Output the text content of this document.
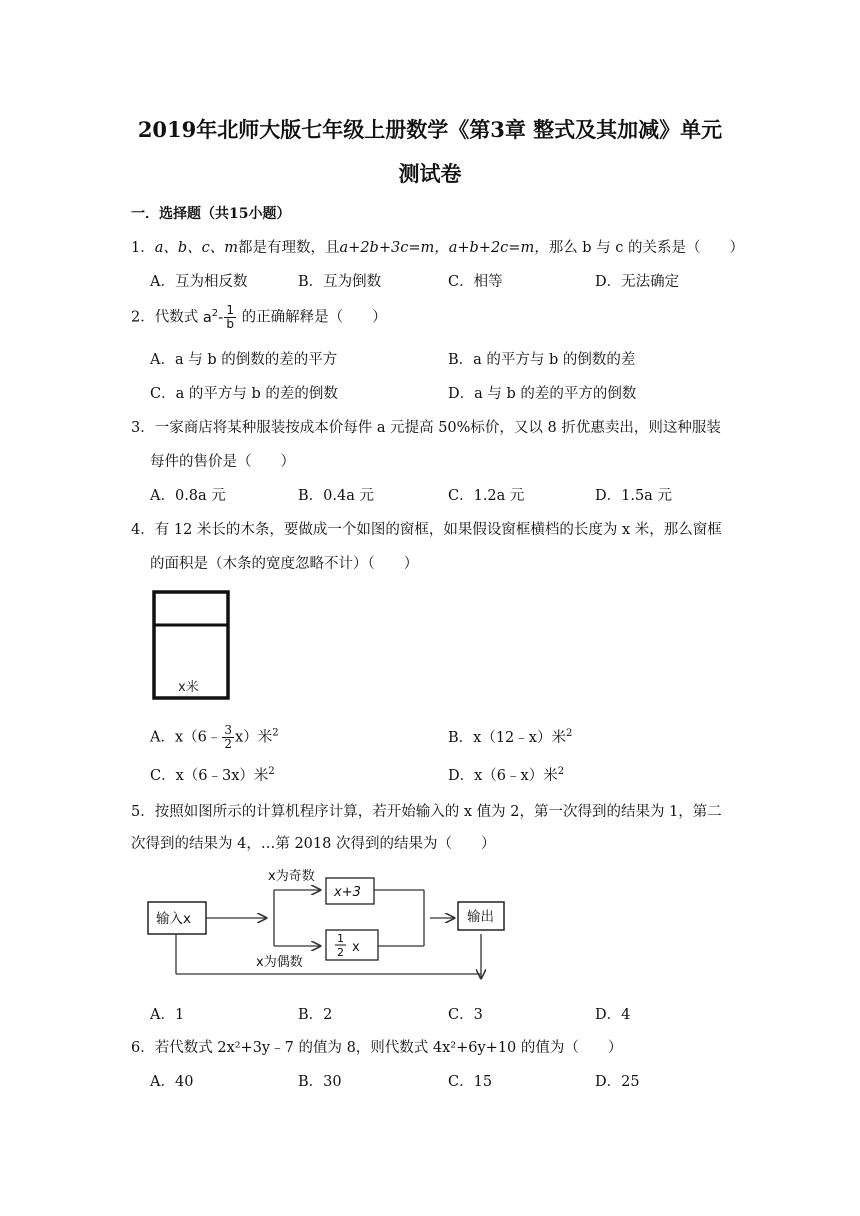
2019年北师大版七年级上册数学《第3章 整式及其加减》单元
测试卷
一．选择题（共15小题）
1．a、b、c、m都是有理数，且a+2b+3c=m，a+b+2c=m，那么 b 与 c 的关系是（　　）
A．互为相反数	B．互为倒数	C．相等	D．无法确定
2．代数式 $a^2- \frac{1}{b}$ 的正确解释是（　　）
A．a 与 b 的倒数的差的平方	B．a 的平方与 b 的倒数的差
C．a 的平方与 b 的差的倒数	D．a 与 b 的差的平方的倒数
3．一家商店将某种服装按成本价每件 a 元提高 50%标价，又以 8 折优惠卖出，则这种服装
每件的售价是（　　）
A．0.8a 元	B．0.4a 元	C．1.2a 元	D．1.5a 元
4．有 12 米长的木条，要做成一个如图的窗框，如果假设窗框横档的长度为 x 米，那么窗框
的面积是（木条的宽度忽略不计）（　　）
x米
A．x（6﹣ $\frac{3}{2} x$）米$^2$	B．x（12﹣x）米$^2$
C．x（6﹣3x）米$^2$	D．x（6﹣x）米$^2$
5．按照如图所示的计算机程序计算，若开始输入的 x 值为 2，第一次得到的结果为 1，第二
次得到的结果为 4，…第 2018 次得到的结果为（　　）
输入x
x为奇数
x为偶数
x+3
1
2 x
输出
A．1	B．2	C．3	D．4
6．若代数式 2x²+3y﹣7 的值为 8，则代数式 4x²+6y+10 的值为（　　）
A．40	B．30	C．15	D．25
